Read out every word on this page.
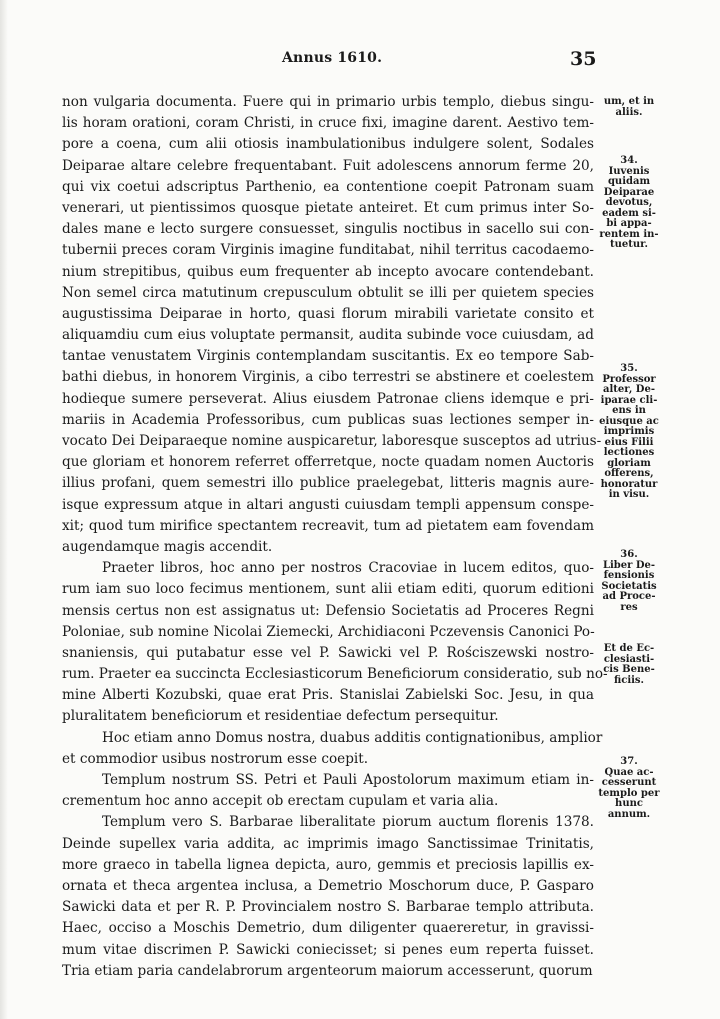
Annus 1610.	35
non vulgaria documenta. Fuere qui in primario urbis templo, diebus singu-
lis horam orationi, coram Christi, in cruce fixi, imagine darent. Aestivo tem-
pore a coena, cum alii otiosis inambulationibus indulgere solent, Sodales
Deiparae altare celebre frequentabant. Fuit adolescens annorum ferme 20,
qui vix coetui adscriptus Parthenio, ea contentione coepit Patronam suam
venerari, ut pientissimos quosque pietate anteiret. Et cum primus inter So-
dales mane e lecto surgere consuesset, singulis noctibus in sacello sui con-
tubernii preces coram Virginis imagine funditabat, nihil territus cacodaemo-
nium strepitibus, quibus eum frequenter ab incepto avocare contendebant.
Non semel circa matutinum crepusculum obtulit se illi per quietem species
augustissima Deiparae in horto, quasi florum mirabili varietate consito et
aliquamdiu cum eius voluptate permansit, audita subinde voce cuiusdam, ad
tantae venustatem Virginis contemplandam suscitantis. Ex eo tempore Sab-
bathi diebus, in honorem Virginis, a cibo terrestri se abstinere et coelestem
hodieque sumere perseverat. Alius eiusdem Patronae cliens idemque e pri-
mariis in Academia Professoribus, cum publicas suas lectiones semper in-
vocato Dei Deiparaeque nomine auspicaretur, laboresque susceptos ad utrius-
que gloriam et honorem referret offerretque, nocte quadam nomen Auctoris
illius profani, quem semestri illo publice praelegebat, litteris magnis aure-
isque expressum atque in altari angusti cuiusdam templi appensum conspe-
xit; quod tum mirifice spectantem recreavit, tum ad pietatem eam fovendam
augendamque magis accendit.
Praeter libros, hoc anno per nostros Cracoviae in lucem editos, quo-
rum iam suo loco fecimus mentionem, sunt alii etiam editi, quorum editioni
mensis certus non est assignatus ut: Defensio Societatis ad Proceres Regni
Poloniae, sub nomine Nicolai Ziemecki, Archidiaconi Pczevensis Canonici Po-
snaniensis, qui putabatur esse vel P. Sawicki vel P. Rościszewski nostro-
rum. Praeter ea succincta Ecclesiasticorum Beneficiorum consideratio, sub no-
mine Alberti Kozubski, quae erat Pris. Stanislai Zabielski Soc. Jesu, in qua
pluralitatem beneficiorum et residentiae defectum persequitur.
Hoc etiam anno Domus nostra, duabus additis contignationibus, amplior
et commodior usibus nostrorum esse coepit.
Templum nostrum SS. Petri et Pauli Apostolorum maximum etiam in-
crementum hoc anno accepit ob erectam cupulam et varia alia.
Templum vero S. Barbarae liberalitate piorum auctum florenis 1378.
Deinde supellex varia addita, ac imprimis imago Sanctissimae Trinitatis,
more graeco in tabella lignea depicta, auro, gemmis et preciosis lapillis ex-
ornata et theca argentea inclusa, a Demetrio Moschorum duce, P. Gasparo
Sawicki data et per R. P. Provincialem nostro S. Barbarae templo attributa.
Haec, occiso a Moschis Demetrio, dum diligenter quaereretur, in gravissi-
mum vitae discrimen P. Sawicki coniecisset; si penes eum reperta fuisset.
Tria etiam paria candelabrorum argenteorum maiorum accesserunt, quorum
um, et in aliis.
34.
Iuvenis quidam Deiparae devotus, eadem si- bi appa- rentem in- tuetur.
35.
Professor alter, De- iparae cli- ens in eiusque ac imprimis eius Filii lectiones gloriam offerens, honoratur in visu.
36.
Liber De- fensionis Societatis ad Proce- res
Et de Ec- clesiasti- cis Bene- ficiis.
37.
Quae ac- cesserunt templo per hunc annum.
